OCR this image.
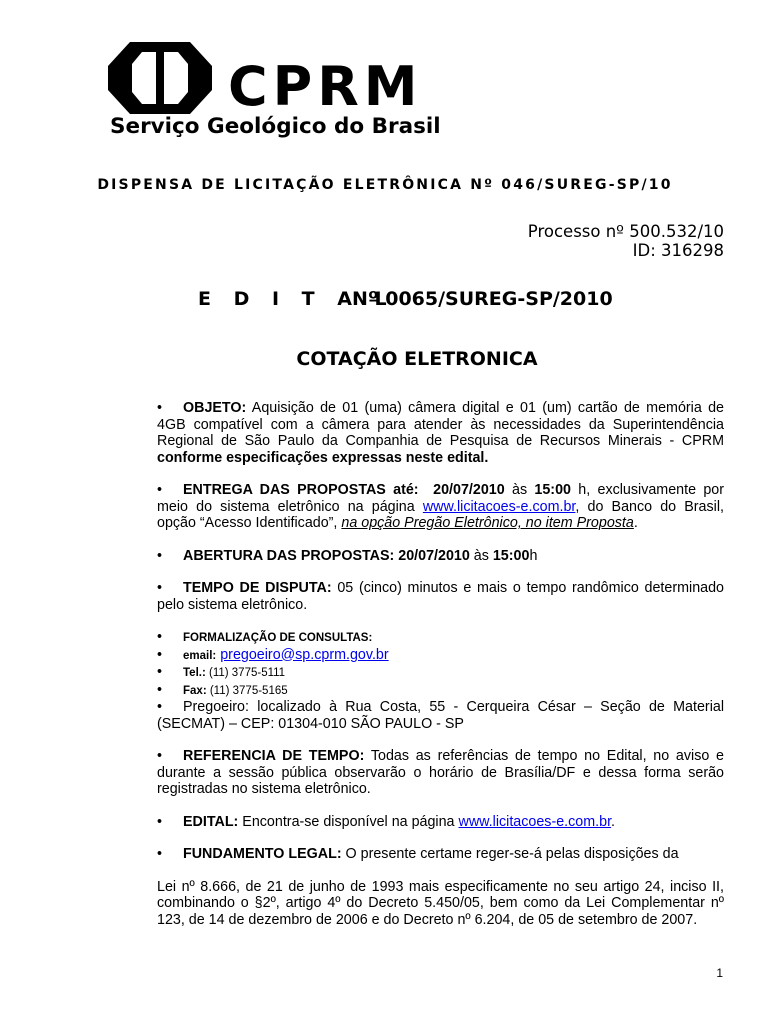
CPRM
Serviço Geológico do Brasil
DISPENSA DE LICITAÇÃO ELETRÔNICA Nº 046/SUREG-SP/10
Processo nº 500.532/10
ID: 316298
E D I T A LNº 0065/SUREG-SP/2010
COTAÇÃO ELETRONICA

• OBJETO: Aquisição de 01 (uma) câmera digital e 01 (um) cartão de memória de 4GB compatível com a câmera para atender às necessidades da Superintendência Regional de São Paulo da Companhia de Pesquisa de Recursos Minerais - CPRM conforme especificações expressas neste edital.

• ENTREGA DAS PROPOSTAS até: 20/07/2010 às 15:00 h, exclusivamente por meio do sistema eletrônico na página www.licitacoes-e.com.br, do Banco do Brasil, opção “Acesso Identificado”, na opção Pregão Eletrônico, no item Proposta.

• ABERTURA DAS PROPOSTAS: 20/07/2010 às 15:00h

• TEMPO DE DISPUTA: 05 (cinco) minutos e mais o tempo randômico determinado pelo sistema eletrônico.

• FORMALIZAÇÃO DE CONSULTAS:

• email: pregoeiro@sp.cprm.gov.br

• Tel.: (11) 3775-5111

• Fax: (11) 3775-5165

• Pregoeiro: localizado à Rua Costa, 55 - Cerqueira César – Seção de Material (SECMAT) – CEP: 01304-010 SÃO PAULO - SP

• REFERENCIA DE TEMPO: Todas as referências de tempo no Edital, no aviso e durante a sessão pública observarão o horário de Brasília/DF e dessa forma serão registradas no sistema eletrônico.

• EDITAL: Encontra-se disponível na página www.licitacoes-e.com.br.

• FUNDAMENTO LEGAL: O presente certame reger-se-á pelas disposições da

Lei nº 8.666, de 21 de junho de 1993 mais especificamente no seu artigo 24, inciso II, combinando o §2º, artigo 4º do Decreto 5.450/05, bem como da Lei Complementar nº 123, de 14 de dezembro de 2006 e do Decreto nº 6.204, de 05 de setembro de 2007.

1
